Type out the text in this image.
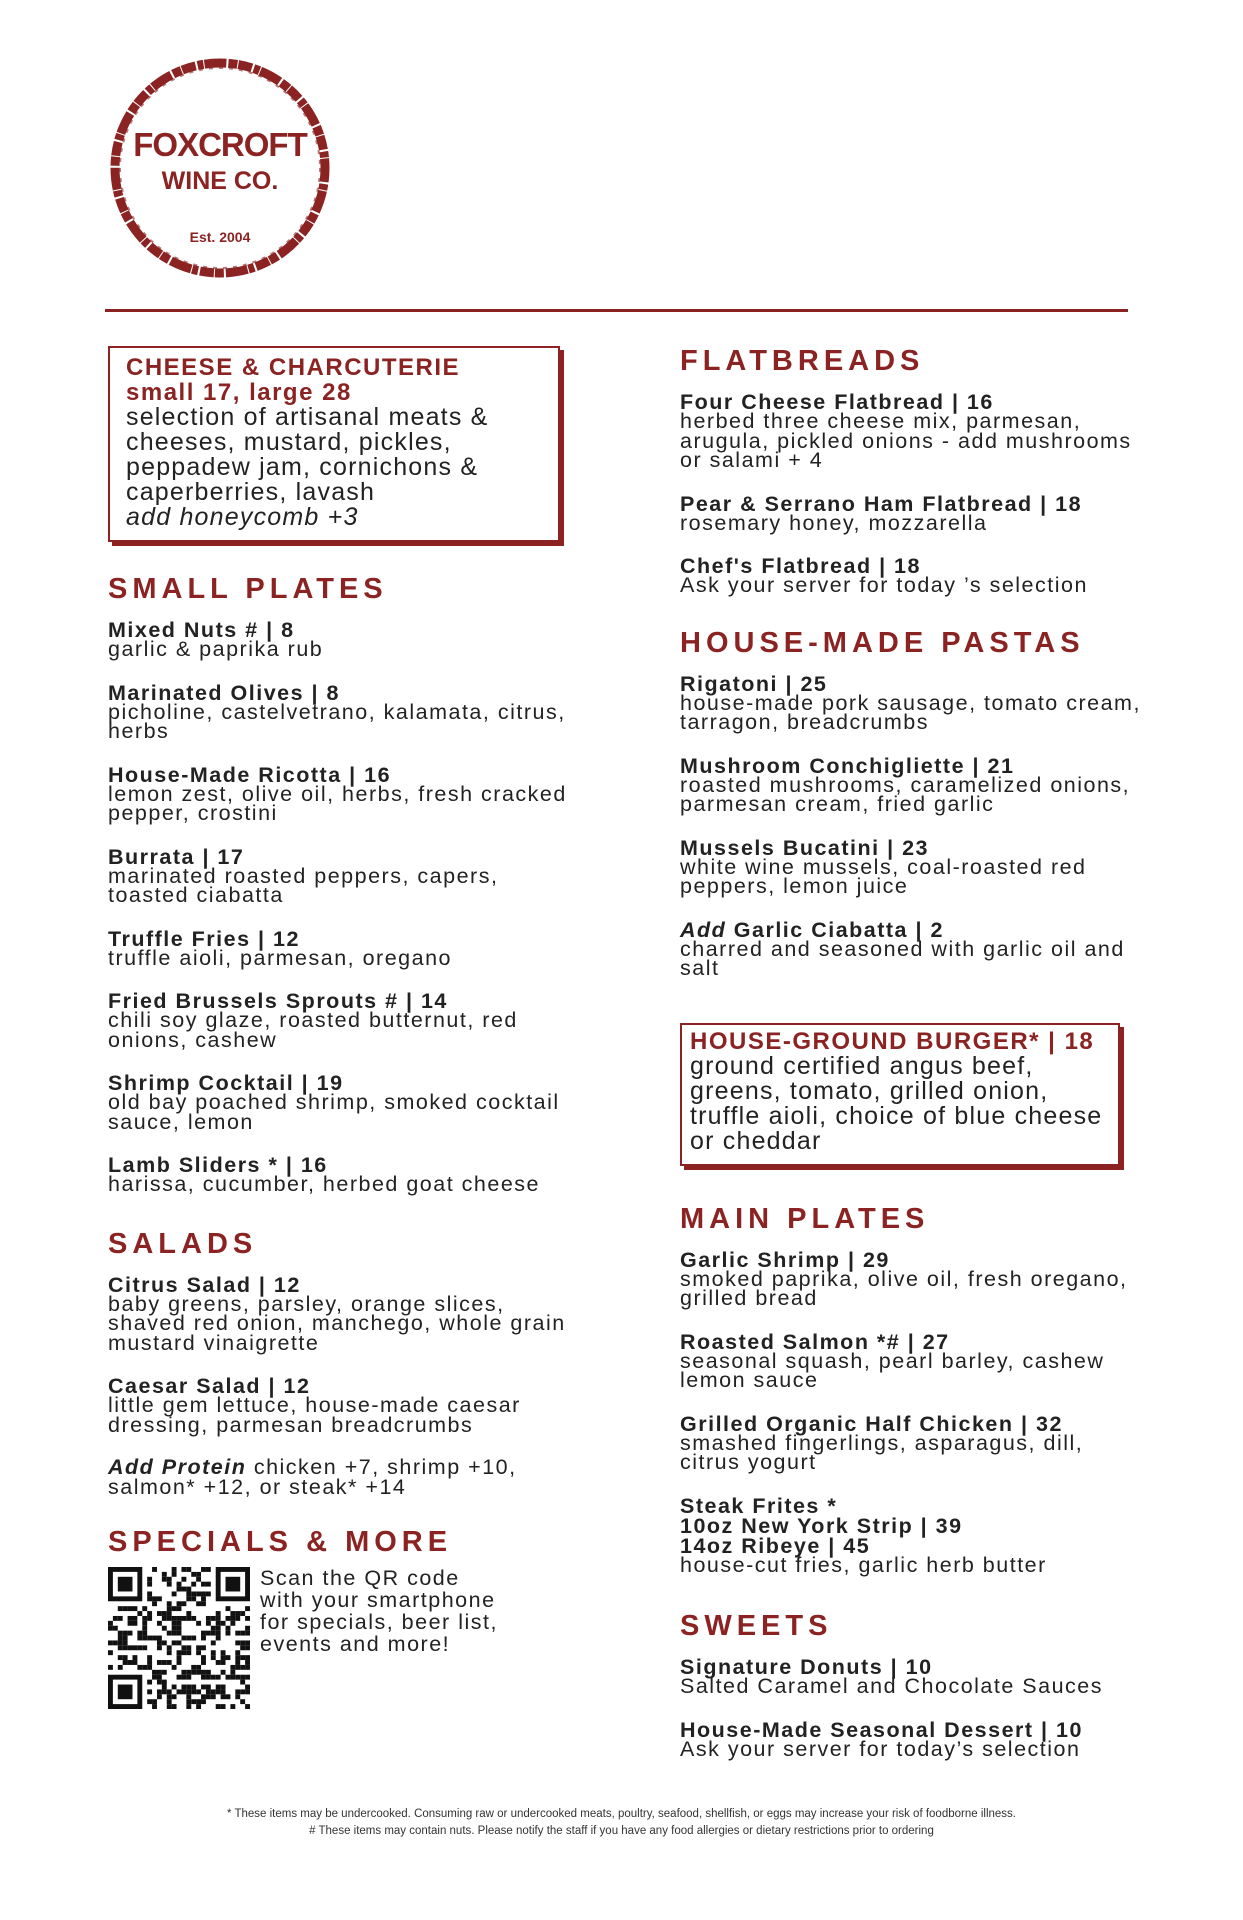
FOXCROFT
WINE CO.
Est. 2004
CHEESE & CHARCUTERIE
small 17, large 28
selection of artisanal meats & cheeses, mustard, pickles, peppadew jam, cornichons & caperberries, lavash
add honeycomb +3
SMALL PLATES
Mixed Nuts # | 8
garlic & paprika rub
Marinated Olives | 8
picholine, castelvetrano, kalamata, citrus, herbs
House-Made Ricotta | 16
lemon zest, olive oil, herbs, fresh cracked pepper, crostini
Burrata | 17
marinated roasted peppers, capers, toasted ciabatta
Truffle Fries | 12
truffle aioli, parmesan, oregano
Fried Brussels Sprouts # | 14
chili soy glaze, roasted butternut, red onions, cashew
Shrimp Cocktail | 19
old bay poached shrimp, smoked cocktail sauce, lemon
Lamb Sliders * | 16
harissa, cucumber, herbed goat cheese
SALADS
Citrus Salad | 12
baby greens, parsley, orange slices, shaved red onion, manchego, whole grain mustard vinaigrette
Caesar Salad | 12
little gem lettuce, house-made caesar dressing, parmesan breadcrumbs
Add Protein chicken +7, shrimp +10, salmon* +12, or steak* +14
SPECIALS & MORE
Scan the QR code with your smartphone for specials, beer list, events and more!
FLATBREADS
Four Cheese Flatbread | 16
herbed three cheese mix, parmesan, arugula, pickled onions - add mushrooms or salami + 4
Pear & Serrano Ham Flatbread | 18
rosemary honey, mozzarella
Chef's Flatbread | 18
Ask your server for today ’s selection
HOUSE-MADE PASTAS
Rigatoni | 25
house-made pork sausage, tomato cream, tarragon, breadcrumbs
Mushroom Conchigliette | 21
roasted mushrooms, caramelized onions, parmesan cream, fried garlic
Mussels Bucatini | 23
white wine mussels, coal-roasted red peppers, lemon juice
Add Garlic Ciabatta | 2
charred and seasoned with garlic oil and salt
HOUSE-GROUND BURGER* | 18
ground certified angus beef, greens, tomato, grilled onion, truffle aioli, choice of blue cheese or cheddar
MAIN PLATES
Garlic Shrimp | 29
smoked paprika, olive oil, fresh oregano, grilled bread
Roasted Salmon *# | 27
seasonal squash, pearl barley, cashew lemon sauce
Grilled Organic Half Chicken | 32
smashed fingerlings, asparagus, dill, citrus yogurt
Steak Frites *
10oz New York Strip | 39
14oz Ribeye | 45
house-cut fries, garlic herb butter
SWEETS
Signature Donuts | 10
Salted Caramel and Chocolate Sauces
House-Made Seasonal Dessert | 10
Ask your server for today’s selection
* These items may be undercooked. Consuming raw or undercooked meats, poultry, seafood, shellfish, or eggs may increase your risk of foodborne illness.
# These items may contain nuts. Please notify the staff if you have any food allergies or dietary restrictions prior to ordering
